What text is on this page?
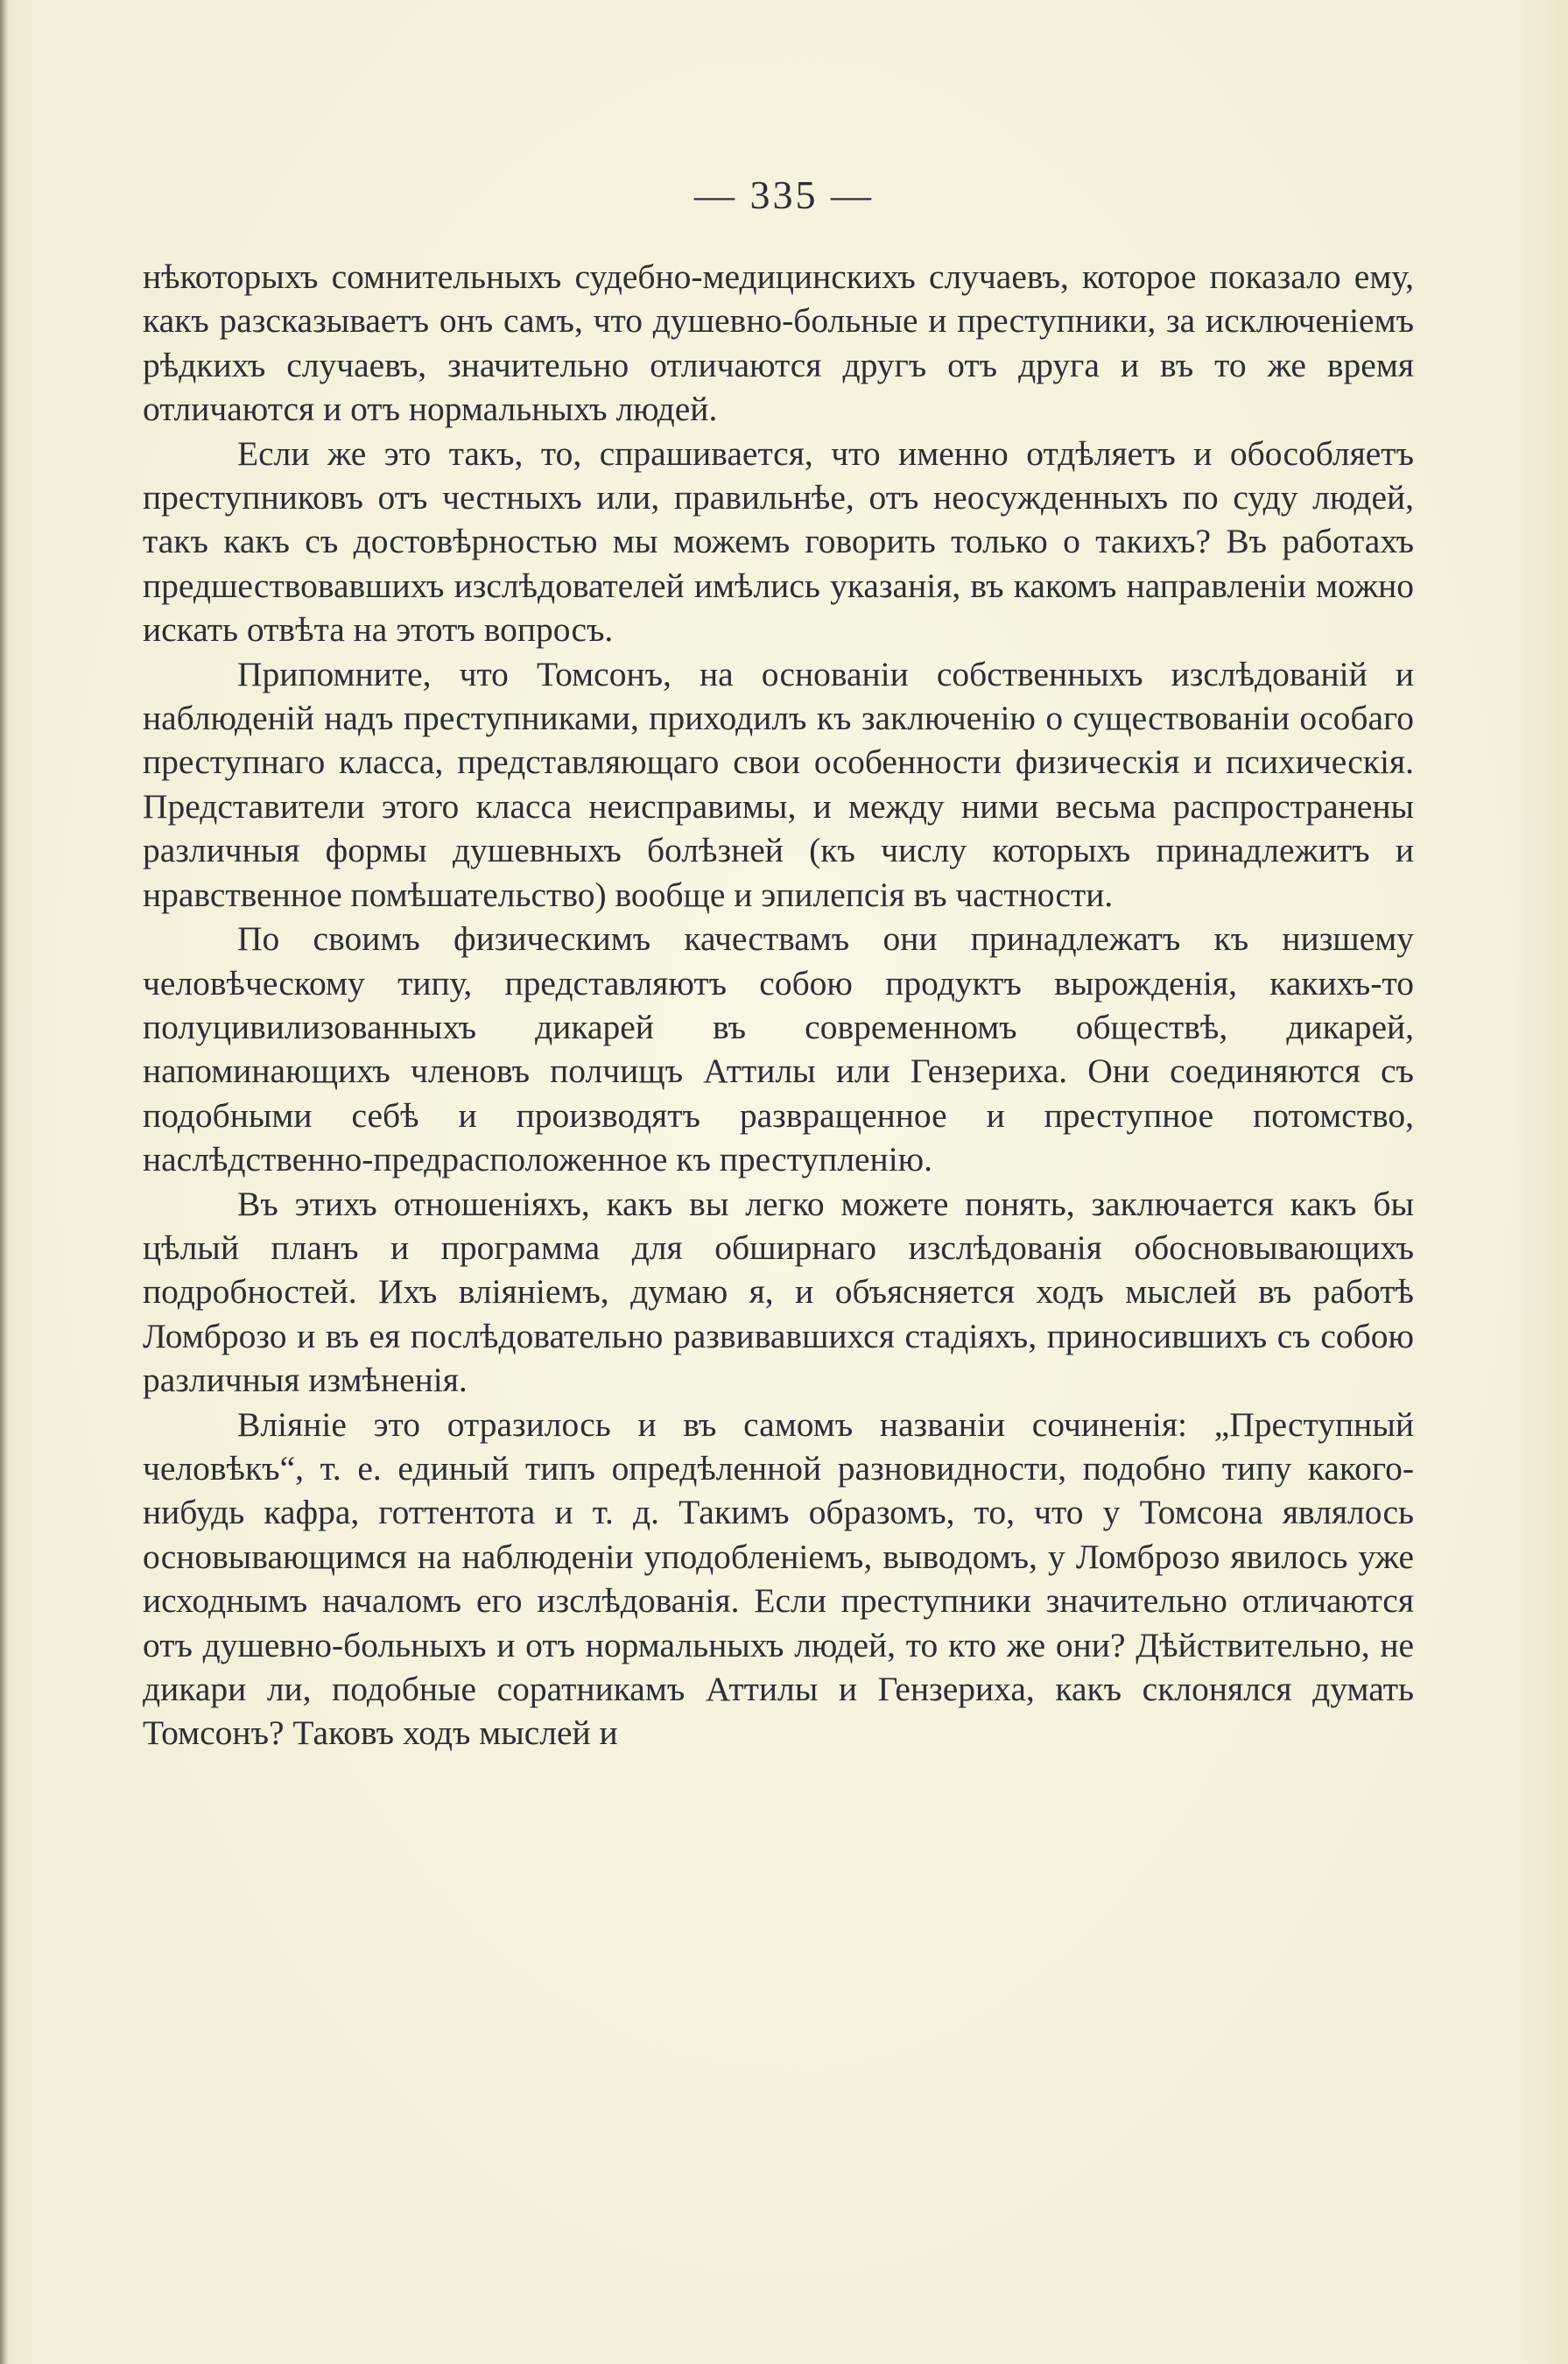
— 335 —

нѣкоторыхъ сомнительныхъ судебно-медицинскихъ случаевъ, которое показало ему, какъ разсказываетъ онъ самъ, что душевно-больные и преступники, за исключеніемъ рѣдкихъ случаевъ, значительно отличаются другъ отъ друга и въ то же время отличаются и отъ нормальныхъ людей.

Если же это такъ, то, спрашивается, что именно отдѣляетъ и обособляетъ преступниковъ отъ честныхъ или, правильнѣе, отъ неосужденныхъ по суду людей, такъ какъ съ достовѣрностью мы можемъ говорить только о такихъ? Въ работахъ предшествовавшихъ изслѣдователей имѣлись указанія, въ какомъ направленіи можно искать отвѣта на этотъ вопросъ.

Припомните, что Томсонъ, на основаніи собственныхъ изслѣдованій и наблюденій надъ преступниками, приходилъ къ заключенію о существованіи особаго преступнаго класса, представляющаго свои особенности физическія и психическія. Представители этого класса неисправимы, и между ними весьма распространены различныя формы душевныхъ болѣзней (къ числу которыхъ принадлежитъ и нравственное помѣшательство) вообще и эпилепсія въ частности.

По своимъ физическимъ качествамъ они принадлежатъ къ низшему человѣческому типу, представляютъ собою продуктъ вырожденія, какихъ-то полуцивилизованныхъ дикарей въ современномъ обществѣ, дикарей, напоминающихъ членовъ полчищъ Аттилы или Гензериха. Они соединяются съ подобными себѣ и производятъ развращенное и преступное потомство, наслѣдственно-предрасположенное къ преступленію.

Въ этихъ отношеніяхъ, какъ вы легко можете понять, заключается какъ бы цѣлый планъ и программа для обширнаго изслѣдованія обосновывающихъ подробностей. Ихъ вліяніемъ, думаю я, и объясняется ходъ мыслей въ работѣ Ломброзо и въ ея послѣдовательно развивавшихся стадіяхъ, приносившихъ съ собою различныя измѣненія.

Вліяніе это отразилось и въ самомъ названіи сочиненія: „Преступный человѣкъ“, т. е. единый типъ опредѣленной разновидности, подобно типу какого-нибудь кафра, готтентота и т. д. Такимъ образомъ, то, что у Томсона являлось основывающимся на наблюденіи уподобленіемъ, выводомъ, у Ломброзо явилось уже исходнымъ началомъ его изслѣдованія. Если преступники значительно отличаются отъ душевно-больныхъ и отъ нормальныхъ людей, то кто же они? Дѣйствительно, не дикари ли, подобные соратникамъ Аттилы и Гензериха, какъ склонялся думать Томсонъ? Таковъ ходъ мыслей и
